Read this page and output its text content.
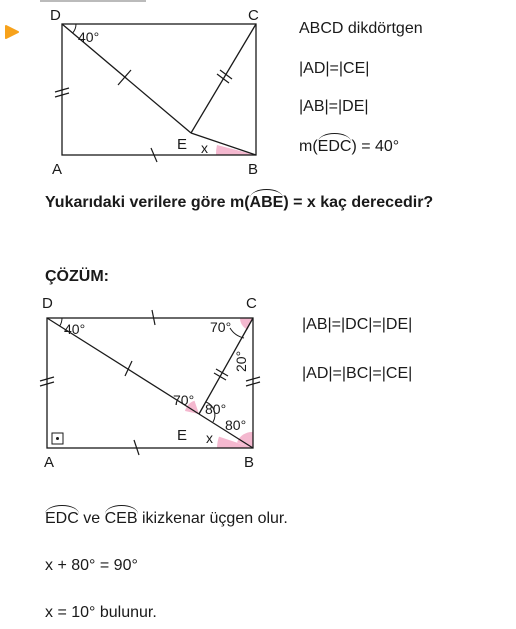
D	C
A	B
E
40°
x
ABCD dikdörtgen
|AD|=|CE|
|AB|=|DE|
m(EDC) = 40°
Yukarıdaki verilere göre m(ABE) = x kaç derecedir?
ÇÖZÜM:
D	C
A	B
E
40°	70°
20°
70°
80°
80°
x
|AB|=|DC|=|DE|
|AD|=|BC|=|CE|
EDC ve CEB ikizkenar üçgen olur.
x + 80° = 90°
x = 10° bulunur.
